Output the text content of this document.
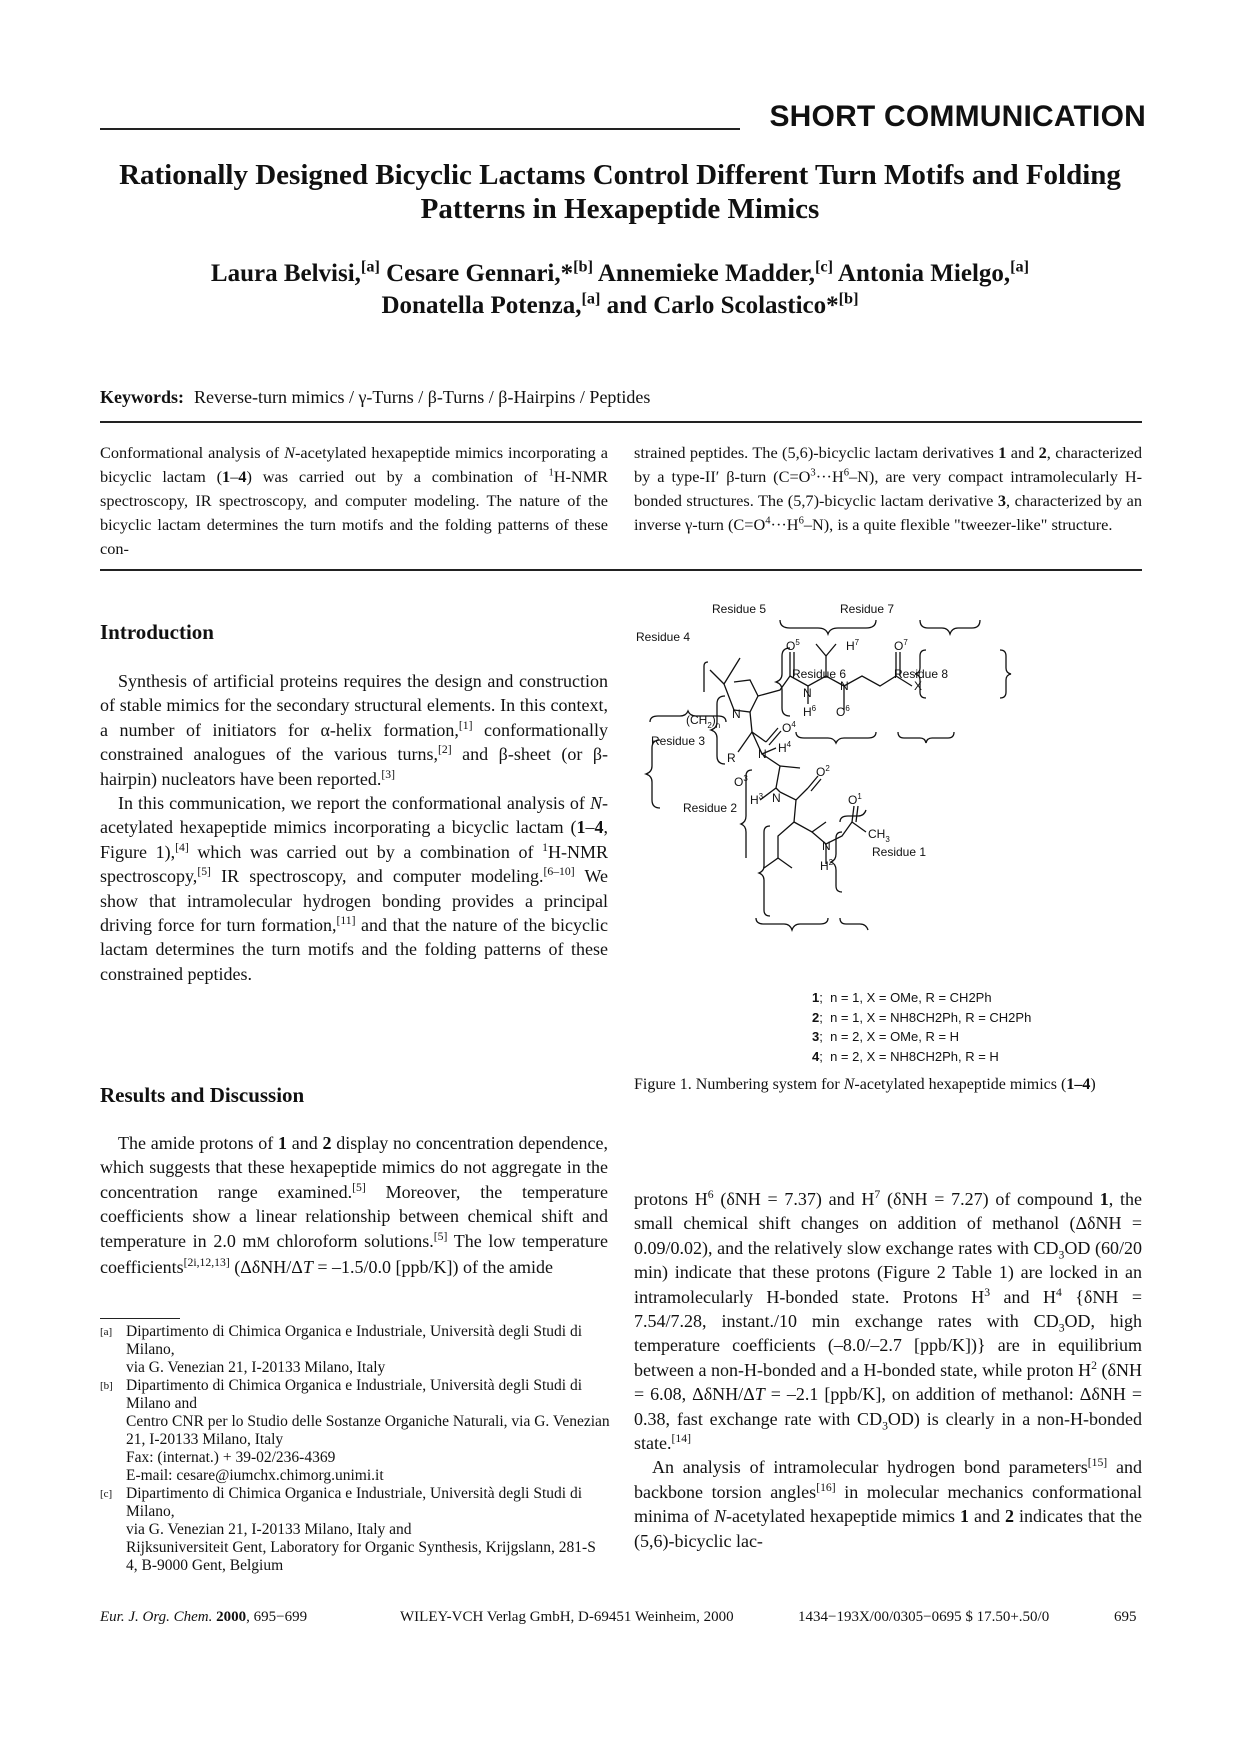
SHORT COMMUNICATION
Rationally Designed Bicyclic Lactams Control Different Turn Motifs and Folding Patterns in Hexapeptide Mimics
Laura Belvisi,[a] Cesare Gennari,*[b] Annemieke Madder,[c] Antonia Mielgo,[a]
Donatella Potenza,[a] and Carlo Scolastico*[b]
Keywords: Reverse-turn mimics / γ-Turns / β-Turns / β-Hairpins / Peptides
Conformational analysis of N-acetylated hexapeptide mimics incorporating a bicyclic lactam (1–4) was carried out by a combination of $^1$H-NMR spectroscopy, IR spectroscopy, and computer modeling. The nature of the bicyclic lactam determines the turn motifs and the folding patterns of these con-
strained peptides. The (5,6)-bicyclic lactam derivatives 1 and 2, characterized by a type-II′ β-turn $(C=O^3\cdot\cdot\cdot H^6-N)$, are very compact intramolecularly H-bonded structures. The (5,7)-bicyclic lactam derivative 3, characterized by an inverse γ-turn $(C=O^4\cdot\cdot\cdot H^6-N)$, is a quite flexible "tweezer-like" structure.
Introduction

Synthesis of artificial proteins requires the design and construction of stable mimics for the secondary structural elements. In this context, a number of initiators for α-helix formation,[1] conformationally constrained analogues of the various turns,[2] and β-sheet (or β-hairpin) nucleators have been reported.[3]

In this communication, we report the conformational analysis of N-acetylated hexapeptide mimics incorporating a bicyclic lactam (1–4, Figure 1),[4] which was carried out by a combination of $^1$H-NMR spectroscopy,[5] IR spectroscopy, and computer modeling.[6–10] We show that intramolecular hydrogen bonding provides a principal driving force for turn formation,[11] and that the nature of the bicyclic lactam determines the turn motifs and the folding patterns of these constrained peptides.

Results and Discussion

The amide protons of 1 and 2 display no concentration dependence, which suggests that these hexapeptide mimics do not aggregate in the concentration range examined.[5] Moreover, the temperature coefficients show a linear relationship between chemical shift and temperature in 2.0 mM chloroform solutions.[5] The low temperature coefficients[2i,12,13] (ΔδNH/ΔT = –1.5/0.0 [ppb/K]) of the amide

[a] Dipartimento di Chimica Organica e Industriale, Università degli Studi di Milano,
via G. Venezian 21, I-20133 Milano, Italy
[b] Dipartimento di Chimica Organica e Industriale, Università degli Studi di Milano and
Centro CNR per lo Studio delle Sostanze Organiche Naturali, via G. Venezian 21, I-20133 Milano, Italy
Fax: (internat.) + 39-02/236-4369
E-mail: cesare@iumchx.chimorg.unimi.it
[c] Dipartimento di Chimica Organica e Industriale, Università degli Studi di Milano,
via G. Venezian 21, I-20133 Milano, Italy and
Rijksuniversiteit Gent, Laboratory for Organic Synthesis, Krijgslann, 281-S 4, B-9000 Gent, Belgium
Residue 5	Residue 7
Residue 4
Residue 6	Residue 8
Residue 3
Residue 2
Residue 1
$O^5$	$H^7$	$O^7$
X
N
$H^6$ $O^6$
N
$(CH_2)_n$
N
$O^4$
N $H^4$
R
$O^3$
$H^3$ N
$O^2$
$O^1$
$CH_3$
N
$H^2$
1;  n = 1, X = OMe, R = CH2Ph
2;  n = 1, X = NH8CH2Ph, R = CH2Ph
3;  n = 2, X = OMe, R = H
4;  n = 2, X = NH8CH2Ph, R = H
Figure 1. Numbering system for N-acetylated hexapeptide mimics (1–4)

protons $H^6$ (δNH = 7.37) and $H^7$ (δNH = 7.27) of compound 1, the small chemical shift changes on addition of methanol (ΔδNH = 0.09/0.02), and the relatively slow exchange rates with $CD_3OD$ (60/20 min) indicate that these protons (Figure 2 Table 1) are locked in an intramolecularly H-bonded state. Protons $H^3$ and $H^4$ {δNH = 7.54/7.28, instant./10 min exchange rates with $CD_3OD$, high temperature coefficients (–8.0/–2.7 [ppb/K])} are in equilibrium between a non-H-bonded and a H-bonded state, while proton $H^2$ (δNH = 6.08, ΔδNH/ΔT = –2.1 [ppb/K], on addition of methanol: ΔδNH = 0.38, fast exchange rate with $CD_3OD$) is clearly in a non-H-bonded state.[14]

An analysis of intramolecular hydrogen bond parameters[15] and backbone torsion angles[16] in molecular mechanics conformational minima of N-acetylated hexapeptide mimics 1 and 2 indicates that the (5,6)-bicyclic lac-

Eur. J. Org. Chem. 2000, 695−699	WILEY-VCH Verlag GmbH, D-69451 Weinheim, 2000	1434−193X/00/0305−0695 $ 17.50+.50/0	695
